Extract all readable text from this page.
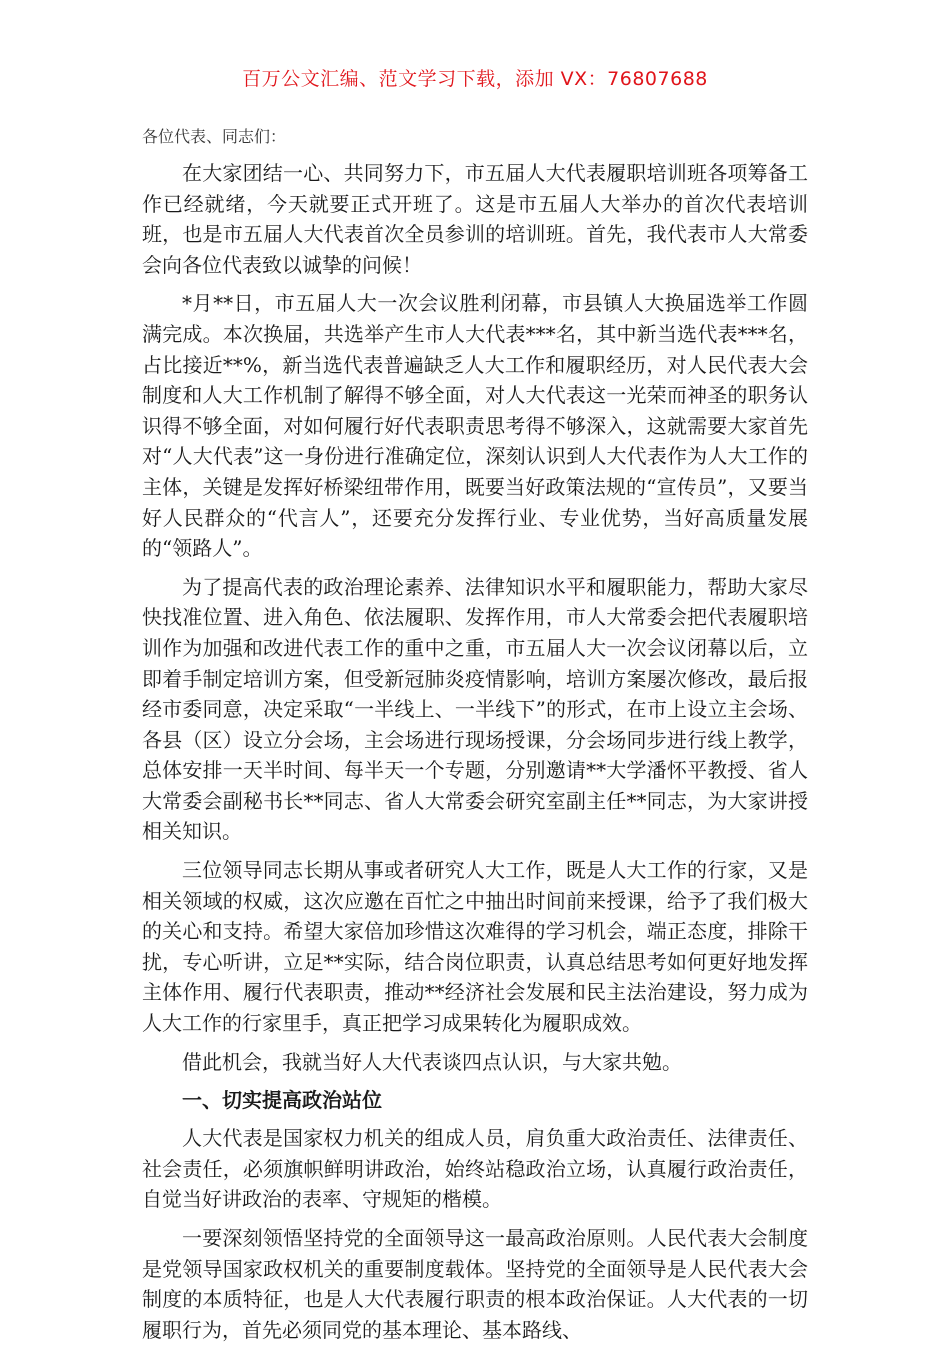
百万公文汇编、范文学习下载，添加 VX：76807688

各位代表、同志们：

在大家团结一心、共同努力下，市五届人大代表履职培训班各项筹备工作已经就绪，今天就要正式开班了。这是市五届人大举办的首次代表培训班，也是市五届人大代表首次全员参训的培训班。首先，我代表市人大常委会向各位代表致以诚挚的问候！

*月**日，市五届人大一次会议胜利闭幕，市县镇人大换届选举工作圆满完成。本次换届，共选举产生市人大代表***名，其中新当选代表***名，占比接近**%，新当选代表普遍缺乏人大工作和履职经历，对人民代表大会制度和人大工作机制了解得不够全面，对人大代表这一光荣而神圣的职务认识得不够全面，对如何履行好代表职责思考得不够深入，这就需要大家首先对“人大代表”这一身份进行准确定位，深刻认识到人大代表作为人大工作的主体，关键是发挥好桥梁纽带作用，既要当好政策法规的“宣传员”，又要当好人民群众的“代言人”，还要充分发挥行业、专业优势，当好高质量发展的“领路人”。

为了提高代表的政治理论素养、法律知识水平和履职能力，帮助大家尽快找准位置、进入角色、依法履职、发挥作用，市人大常委会把代表履职培训作为加强和改进代表工作的重中之重，市五届人大一次会议闭幕以后，立即着手制定培训方案，但受新冠肺炎疫情影响，培训方案屡次修改，最后报经市委同意，决定采取“一半线上、一半线下”的形式，在市上设立主会场、各县（区）设立分会场，主会场进行现场授课，分会场同步进行线上教学，总体安排一天半时间、每半天一个专题，分别邀请**大学潘怀平教授、省人大常委会副秘书长**同志、省人大常委会研究室副主任**同志，为大家讲授相关知识。

三位领导同志长期从事或者研究人大工作，既是人大工作的行家，又是相关领域的权威，这次应邀在百忙之中抽出时间前来授课，给予了我们极大的关心和支持。希望大家倍加珍惜这次难得的学习机会，端正态度，排除干扰，专心听讲，立足**实际，结合岗位职责，认真总结思考如何更好地发挥主体作用、履行代表职责，推动**经济社会发展和民主法治建设，努力成为人大工作的行家里手，真正把学习成果转化为履职成效。

借此机会，我就当好人大代表谈四点认识，与大家共勉。

一、切实提高政治站位

人大代表是国家权力机关的组成人员，肩负重大政治责任、法律责任、社会责任，必须旗帜鲜明讲政治，始终站稳政治立场，认真履行政治责任，自觉当好讲政治的表率、守规矩的楷模。

一要深刻领悟坚持党的全面领导这一最高政治原则。人民代表大会制度是党领导国家政权机关的重要制度载体。坚持党的全面领导是人民代表大会制度的本质特征，也是人大代表履行职责的根本政治保证。人大代表的一切履职行为，首先必须同党的基本理论、基本路线、
